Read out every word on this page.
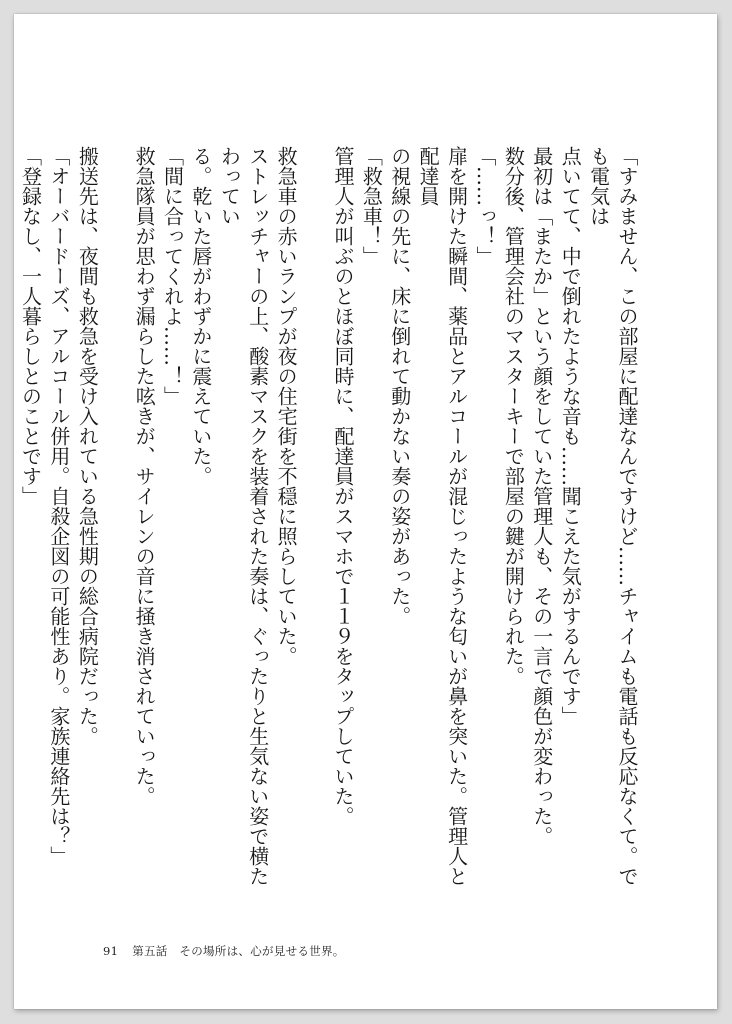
「すみません、この部屋に配達なんですけど……チャイムも電話も反応なくて。でも電気は

点いてて、中で倒れたような音も……聞こえた気がするんです」

最初は「またか」という顔をしていた管理人も、その一言で顔色が変わった。

数分後、管理会社のマスターキーで部屋の鍵が開けられた。

「……っ！」

扉を開けた瞬間、薬品とアルコールが混じったような匂いが鼻を突いた。管理人と配達員

の視線の先に、床に倒れて動かない奏の姿があった。

「救急車！」

管理人が叫ぶのとほぼ同時に、配達員がスマホで１１９をタップしていた。

救急車の赤いランプが夜の住宅街を不穏に照らしていた。

ストレッチャーの上、酸素マスクを装着された奏は、ぐったりと生気ない姿で横たわってい

る。乾いた唇がわずかに震えていた。

「間に合ってくれよ……！」

救急隊員が思わず漏らした呟きが、サイレンの音に掻き消されていった。

搬送先は、夜間も救急を受け入れている急性期の総合病院だった。

「オーバードーズ、アルコール併用。自殺企図の可能性あり。家族連絡先は？」

「登録なし、一人暮らしとのことです」

91 第五話　その場所は、心が見せる世界。
